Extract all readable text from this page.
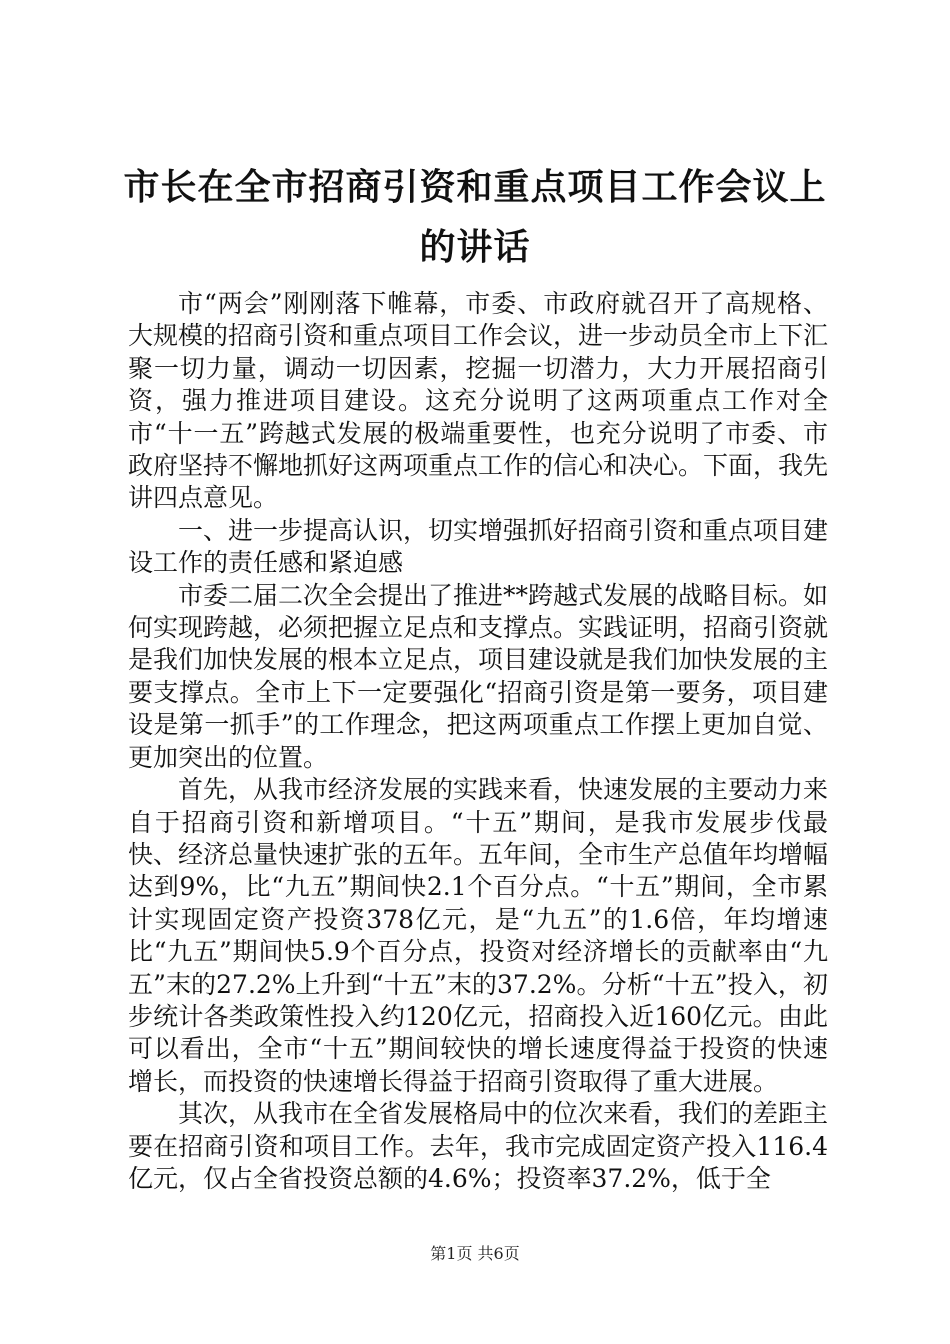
市长在全市招商引资和重点项目工作会议上的讲话

市“两会”刚刚落下帷幕，市委、市政府就召开了高规格、大规模的招商引资和重点项目工作会议，进一步动员全市上下汇聚一切力量，调动一切因素，挖掘一切潜力，大力开展招商引资，强力推进项目建设。这充分说明了这两项重点工作对全市“十一五”跨越式发展的极端重要性，也充分说明了市委、市政府坚持不懈地抓好这两项重点工作的信心和决心。下面，我先讲四点意见。

一、进一步提高认识，切实增强抓好招商引资和重点项目建设工作的责任感和紧迫感

市委二届二次全会提出了推进**跨越式发展的战略目标。如何实现跨越，必须把握立足点和支撑点。实践证明，招商引资就是我们加快发展的根本立足点，项目建设就是我们加快发展的主要支撑点。全市上下一定要强化“招商引资是第一要务，项目建设是第一抓手”的工作理念，把这两项重点工作摆上更加自觉、更加突出的位置。

首先，从我市经济发展的实践来看，快速发展的主要动力来自于招商引资和新增项目。“十五”期间，是我市发展步伐最快、经济总量快速扩张的五年。五年间，全市生产总值年均增幅达到9%，比“九五”期间快2.1个百分点。“十五”期间，全市累计实现固定资产投资378亿元，是“九五”的1.6倍，年均增速比“九五”期间快5.9个百分点，投资对经济增长的贡献率由“九五”末的27.2%上升到“十五”末的37.2%。分析“十五”投入，初步统计各类政策性投入约120亿元，招商投入近160亿元。由此可以看出，全市“十五”期间较快的增长速度得益于投资的快速增长，而投资的快速增长得益于招商引资取得了重大进展。

其次，从我市在全省发展格局中的位次来看，我们的差距主要在招商引资和项目工作。去年，我市完成固定资产投入116.4亿元，仅占全省投资总额的4.6%；投资率37.2%，低于全

第1页 共6页
